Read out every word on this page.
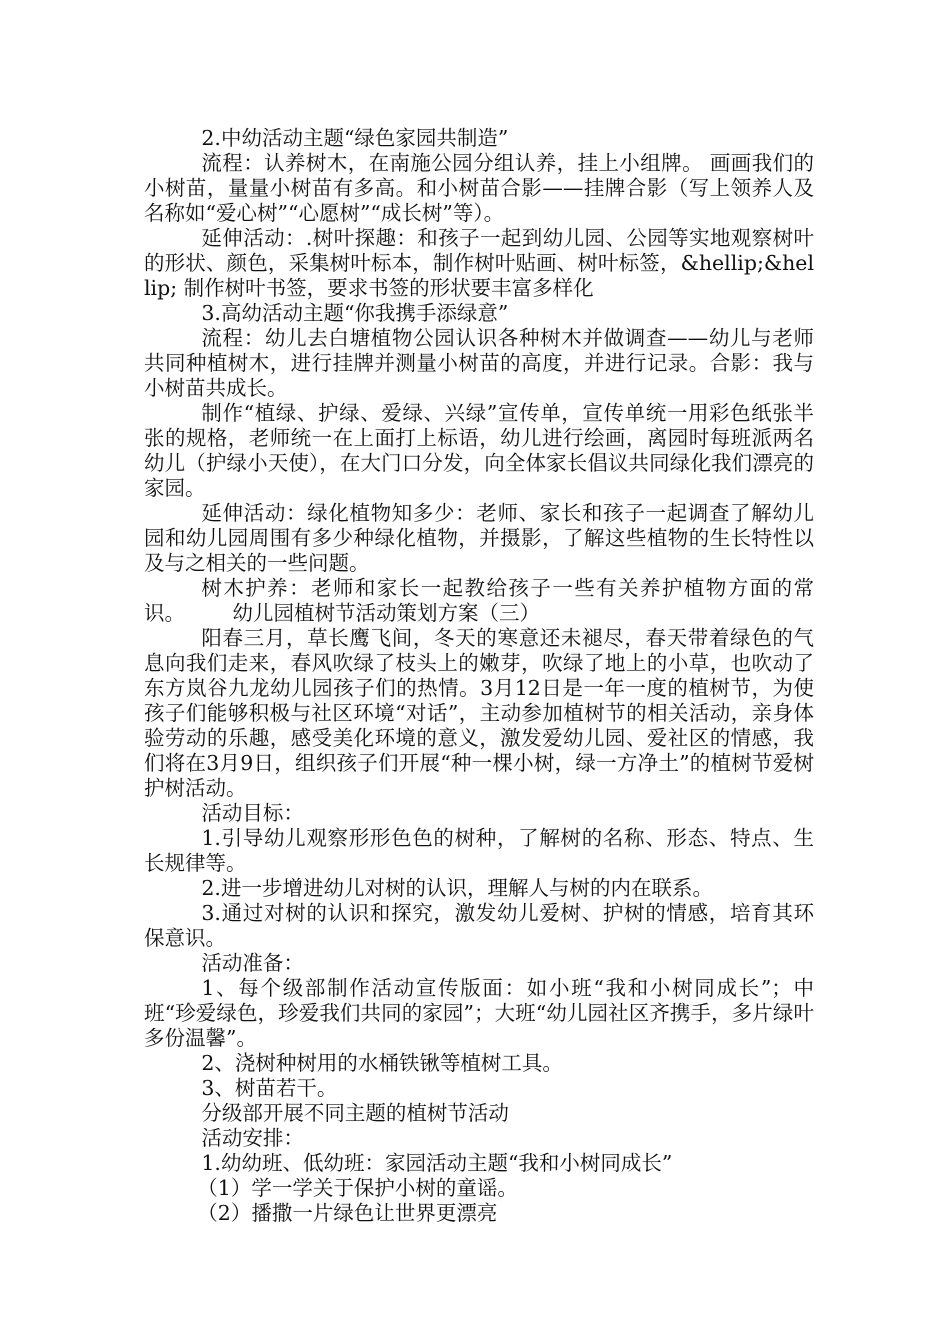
2.中幼活动主题“绿色家园共制造”

流程：认养树木，在南施公园分组认养，挂上小组牌。 画画我们的小树苗，量量小树苗有多高。和小树苗合影——挂牌合影（写上领养人及名称如“爱心树”“心愿树”“成长树”等）。

延伸活动：.树叶探趣：和孩子一起到幼儿园、公园等实地观察树叶的形状、颜色，采集树叶标本，制作树叶贴画、树叶标签，&hellip;&hellip; 制作树叶书签，要求书签的形状要丰富多样化

3.高幼活动主题“你我携手添绿意”

流程：幼儿去白塘植物公园认识各种树木并做调查——幼儿与老师共同种植树木，进行挂牌并测量小树苗的高度，并进行记录。合影：我与小树苗共成长。

制作“植绿、护绿、爱绿、兴绿”宣传单，宣传单统一用彩色纸张半张的规格，老师统一在上面打上标语，幼儿进行绘画，离园时每班派两名幼儿（护绿小天使），在大门口分发，向全体家长倡议共同绿化我们漂亮的家园。

延伸活动：绿化植物知多少：老师、家长和孩子一起调查了解幼儿园和幼儿园周围有多少种绿化植物，并摄影，了解这些植物的生长特性以及与之相关的一些问题。

树木护养：老师和家长一起教给孩子一些有关养护植物方面的常识。 　　幼儿园植树节活动策划方案（三）

阳春三月，草长鹰飞间，冬天的寒意还未褪尽，春天带着绿色的气息向我们走来，春风吹绿了枝头上的嫩芽，吹绿了地上的小草，也吹动了东方岚谷九龙幼儿园孩子们的热情。3月12日是一年一度的植树节，为使孩子们能够积极与社区环境“对话”，主动参加植树节的相关活动，亲身体验劳动的乐趣，感受美化环境的意义，激发爱幼儿园、爱社区的情感，我们将在3月9日，组织孩子们开展“种一棵小树，绿一方净土”的植树节爱树护树活动。

活动目标：

1.引导幼儿观察形形色色的树种，了解树的名称、形态、特点、生长规律等。

2.进一步增进幼儿对树的认识，理解人与树的内在联系。

3.通过对树的认识和探究，激发幼儿爱树、护树的情感，培育其环保意识。

活动准备：

1、每个级部制作活动宣传版面：如小班“我和小树同成长”；中班“珍爱绿色，珍爱我们共同的家园”；大班“幼儿园社区齐携手，多片绿叶多份温馨”。

2、浇树种树用的水桶铁锹等植树工具。

3、树苗若干。

分级部开展不同主题的植树节活动

活动安排：

1.幼幼班、低幼班：家园活动主题“我和小树同成长”

（1）学一学关于保护小树的童谣。

（2）播撒一片绿色让世界更漂亮
